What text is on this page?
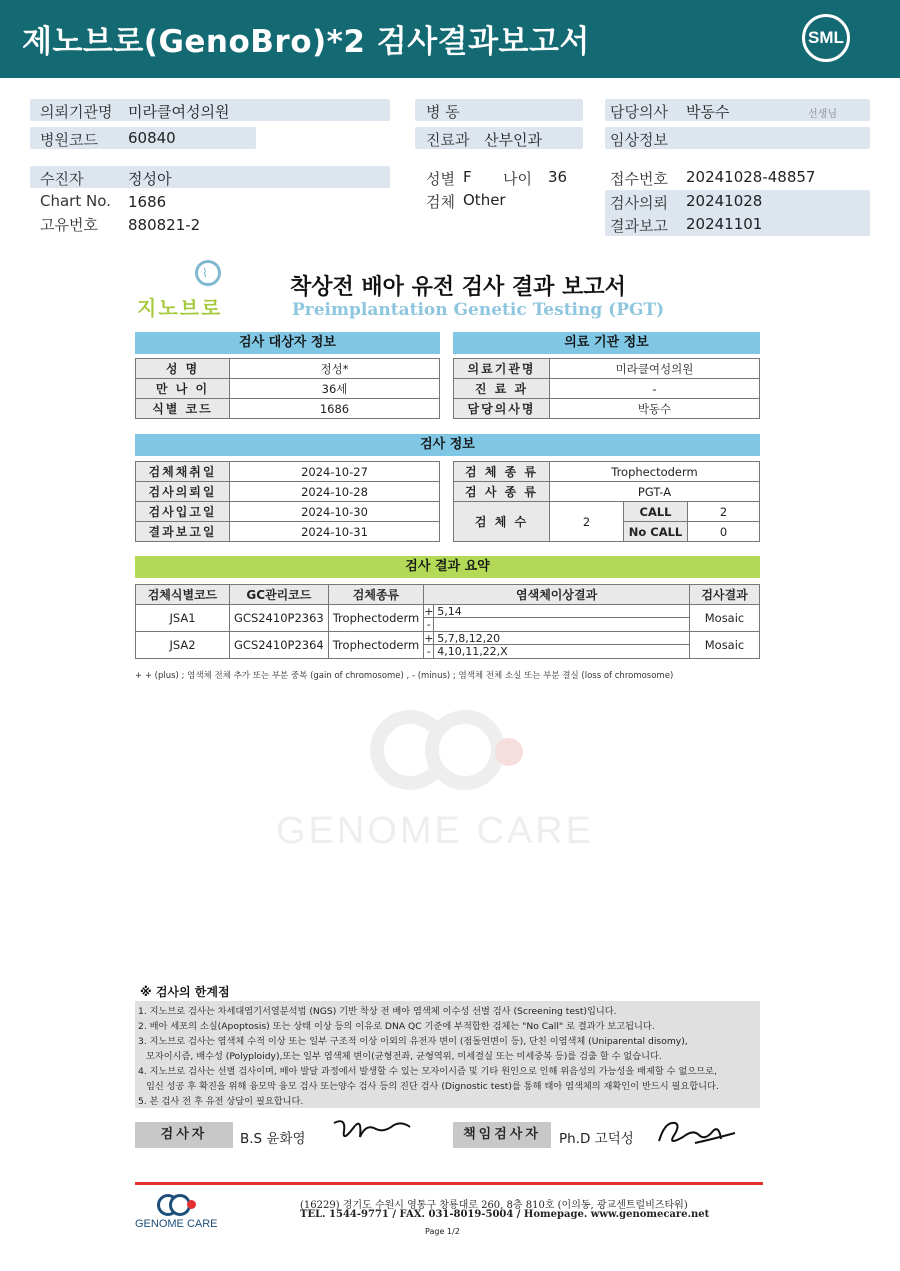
제노브로(GenoBro)*2 검사결과보고서	SML
의뢰기관명 미라클여성의원
병원코드 60840
병 동
진료과 산부인과
담당의사 박동수	선생님
임상정보
수진자	정성아
Chart No. 1686
고유번호 880821-2
성별 F 나이 36
검체 Other
접수번호 20241028-48857
검사의뢰 20241028
결과보고 20241101
⌇
지노브로
착상전 배아 유전 검사 결과 보고서
Preimplantation Genetic Testing (PGT)
검사 대상자 정보	의료 기관 정보
성 명	정성*
만 나 이	36세
식별 코드	1686
의료기관명	미라클여성의원
진 료 과	-
담당의사명	박동수
검사 정보
검체채취일	2024-10-27
검사의뢰일	2024-10-28
검사입고일	2024-10-30
결과보고일	2024-10-31
검 체 종 류	Trophectoderm		
검 사 종 류	PGT-A		
검 체 수	2	CALL	2
		No CALL	0
검사 결과 요약
검체식별코드	GC관리코드	검체종류	염색체이상결과	검사결과
JSA1	GCS2410P2363	Trophectoderm	+ 5,14
-	Mosaic
JSA2	GCS2410P2364	Trophectoderm	+ 5,7,8,12,20
- 4,10,11,22,X	Mosaic
+ + (plus) ; 염색체 전체 추가 또는 부분 중복 (gain of chromosome) , - (minus) ; 염색체 전체 소실 또는 부분 결실 (loss of chromosome)
GENOME CARE
※ 검사의 한계점
1. 지노브로 검사는 차세대염기서열분석법 (NGS) 기반 착상 전 배아 염색체 이수성 선별 검사 (Screening test)입니다.
2. 배아 세포의 소실(Apoptosis) 또는 상태 이상 등의 이유로 DNA QC 기준에 부적합한 검체는 "No Call" 로 결과가 보고됩니다.
3. 지노브로 검사는 염색체 수적 이상 또는 일부 구조적 이상 이외의 유전자 변이 (점돌연변이 등), 단친 이염색체 (Uniparental disomy),
모자이시즘, 배수성 (Polyploidy),또는 일부 염색체 변이(균형전좌, 균형역위, 미세결실 또는 미세중복 등)를 검출 할 수 없습니다.
4. 지노브로 검사는 선별 검사이며, 배아 발달 과정에서 발생할 수 있는 모자이시즘 및 기타 원인으로 인해 위음성의 가능성을 배제할 수 없으므로,
임신 성공 후 확진을 위해 융모막 융모 검사 또는양수 검사 등의 진단 검사 (Dignostic test)를 통해 태아 염색체의 재확인이 반드시 필요합니다.
5. 본 검사 전 후 유전 상담이 필요합니다.
검사자	B.S 윤화영	책임검사자	Ph.D 고덕성
GENOME CARE
(16229) 경기도 수원시 영통구 창룡대로 260, 8층 810호 (이의동, 광교센트럴비즈타워)
TEL. 1544-9771 / FAX. 031-8019-5004 / Homepage. www.genomecare.net
Page 1/2
